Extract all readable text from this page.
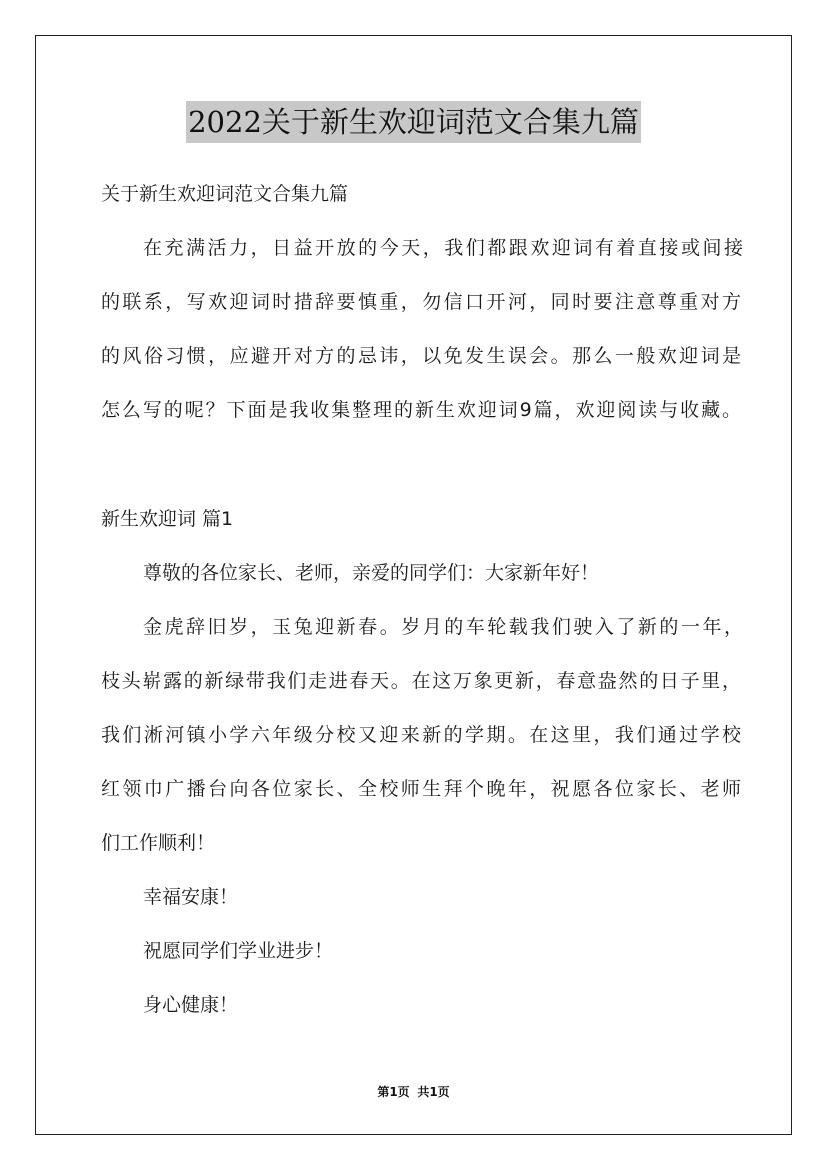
2022关于新生欢迎词范文合集九篇
关于新生欢迎词范文合集九篇
在充满活力，日益开放的今天，我们都跟欢迎词有着直接或间接
的联系，写欢迎词时措辞要慎重，勿信口开河，同时要注意尊重对方
的风俗习惯，应避开对方的忌讳，以免发生误会。那么一般欢迎词是
怎么写的呢？下面是我收集整理的新生欢迎词9篇，欢迎阅读与收藏。
新生欢迎词 篇1
尊敬的各位家长、老师，亲爱的同学们：大家新年好！
金虎辞旧岁，玉兔迎新春。岁月的车轮载我们驶入了新的一年，
枝头崭露的新绿带我们走进春天。在这万象更新，春意盎然的日子里，
我们淅河镇小学六年级分校又迎来新的学期。在这里，我们通过学校
红领巾广播台向各位家长、全校师生拜个晚年，祝愿各位家长、老师
们工作顺利！
幸福安康！
祝愿同学们学业进步！
身心健康！
第1页 共1页
